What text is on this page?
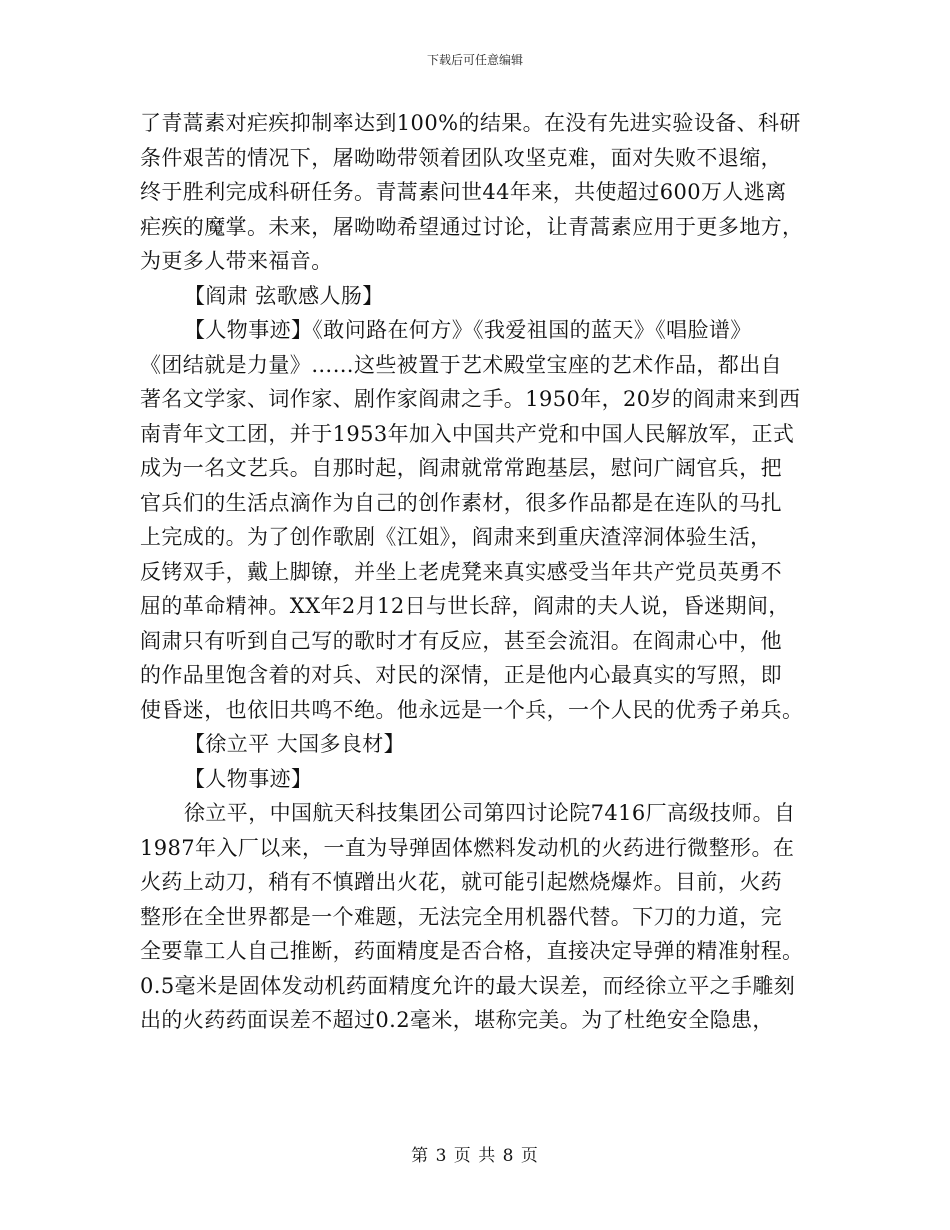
下载后可任意编辑
了青蒿素对疟疾抑制率达到100%的结果。在没有先进实验设备、科研
条件艰苦的情况下，屠呦呦带领着团队攻坚克难，面对失败不退缩，
终于胜利完成科研任务。青蒿素问世44年来，共使超过600万人逃离
疟疾的魔掌。未来，屠呦呦希望通过讨论，让青蒿素应用于更多地方，
为更多人带来福音。
【阎肃 弦歌感人肠】
【人物事迹】《敢问路在何方》《我爱祖国的蓝天》《唱脸谱》
《团结就是力量》……这些被置于艺术殿堂宝座的艺术作品，都出自
著名文学家、词作家、剧作家阎肃之手。1950年，20岁的阎肃来到西
南青年文工团，并于1953年加入中国共产党和中国人民解放军，正式
成为一名文艺兵。自那时起，阎肃就常常跑基层，慰问广阔官兵，把
官兵们的生活点滴作为自己的创作素材，很多作品都是在连队的马扎
上完成的。为了创作歌剧《江姐》，阎肃来到重庆渣滓洞体验生活，
反铐双手，戴上脚镣，并坐上老虎凳来真实感受当年共产党员英勇不
屈的革命精神。XX年2月12日与世长辞，阎肃的夫人说，昏迷期间，
阎肃只有听到自己写的歌时才有反应，甚至会流泪。在阎肃心中，他
的作品里饱含着的对兵、对民的深情，正是他内心最真实的写照，即
使昏迷，也依旧共鸣不绝。他永远是一个兵，一个人民的优秀子弟兵。
【徐立平 大国多良材】
【人物事迹】
徐立平，中国航天科技集团公司第四讨论院7416厂高级技师。自
1987年入厂以来，一直为导弹固体燃料发动机的火药进行微整形。在
火药上动刀，稍有不慎蹭出火花，就可能引起燃烧爆炸。目前，火药
整形在全世界都是一个难题，无法完全用机器代替。下刀的力道，完
全要靠工人自己推断，药面精度是否合格，直接决定导弹的精准射程。
0.5毫米是固体发动机药面精度允许的最大误差，而经徐立平之手雕刻
出的火药药面误差不超过0.2毫米，堪称完美。为了杜绝安全隐患，
第 3 页 共 8 页
